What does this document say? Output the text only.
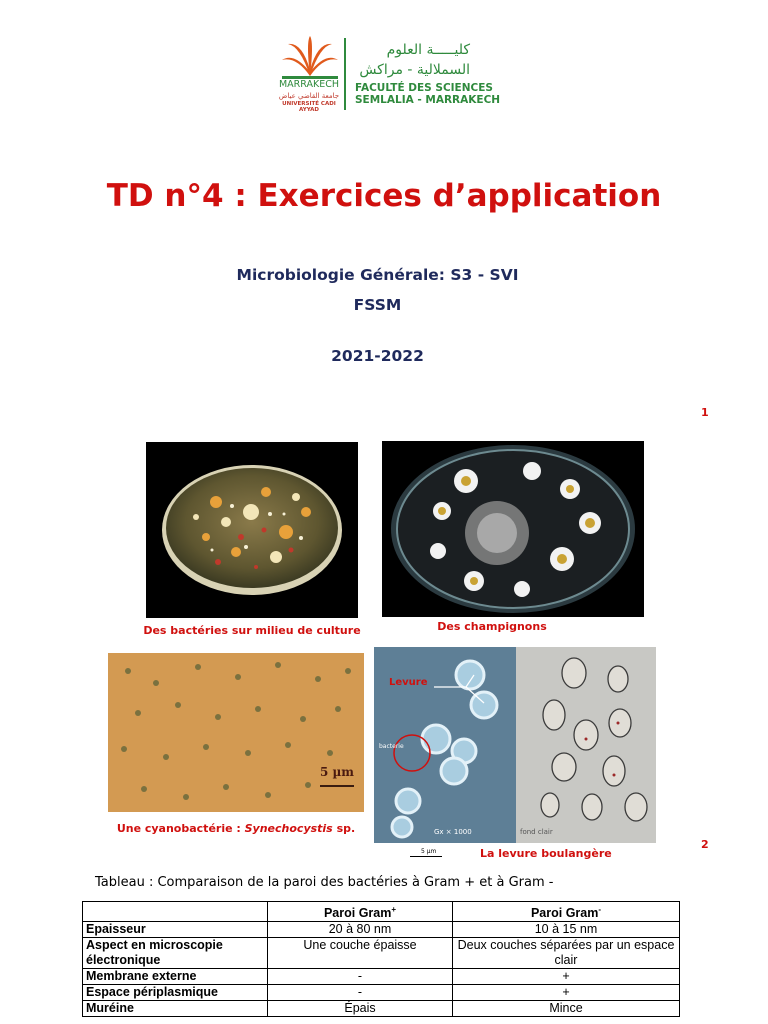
MARRAKECH
جامعة القاضي عياض
UNIVERSITÉ CADI AYYAD
كليـــــة العلوم
السملالية - مراكش
FACULTÉ DES SCIENCES
SEMLALIA - MARRAKECH
TD n°4 : Exercices d’application
Microbiologie Générale: S3 - SVI
FSSM
2021-2022
1
Des bactéries sur milieu de culture	Des champignons
5 µm
Une cyanobactérie : Synechocystis sp.
Levure
bacterie
Gx × 1000	fond clair
5 µm	La levure boulangère
2
Tableau : Comparaison de la paroi des bactéries à Gram + et à Gram -
	Paroi Gram+	Paroi Gram-
Epaisseur	20 à 80 nm	10 à 15 nm
Aspect en microscopie électronique	Une couche épaisse	Deux couches séparées par un espace clair
Membrane externe	-	+
Espace périplasmique	-	+
Muréine	Épais	Mince
